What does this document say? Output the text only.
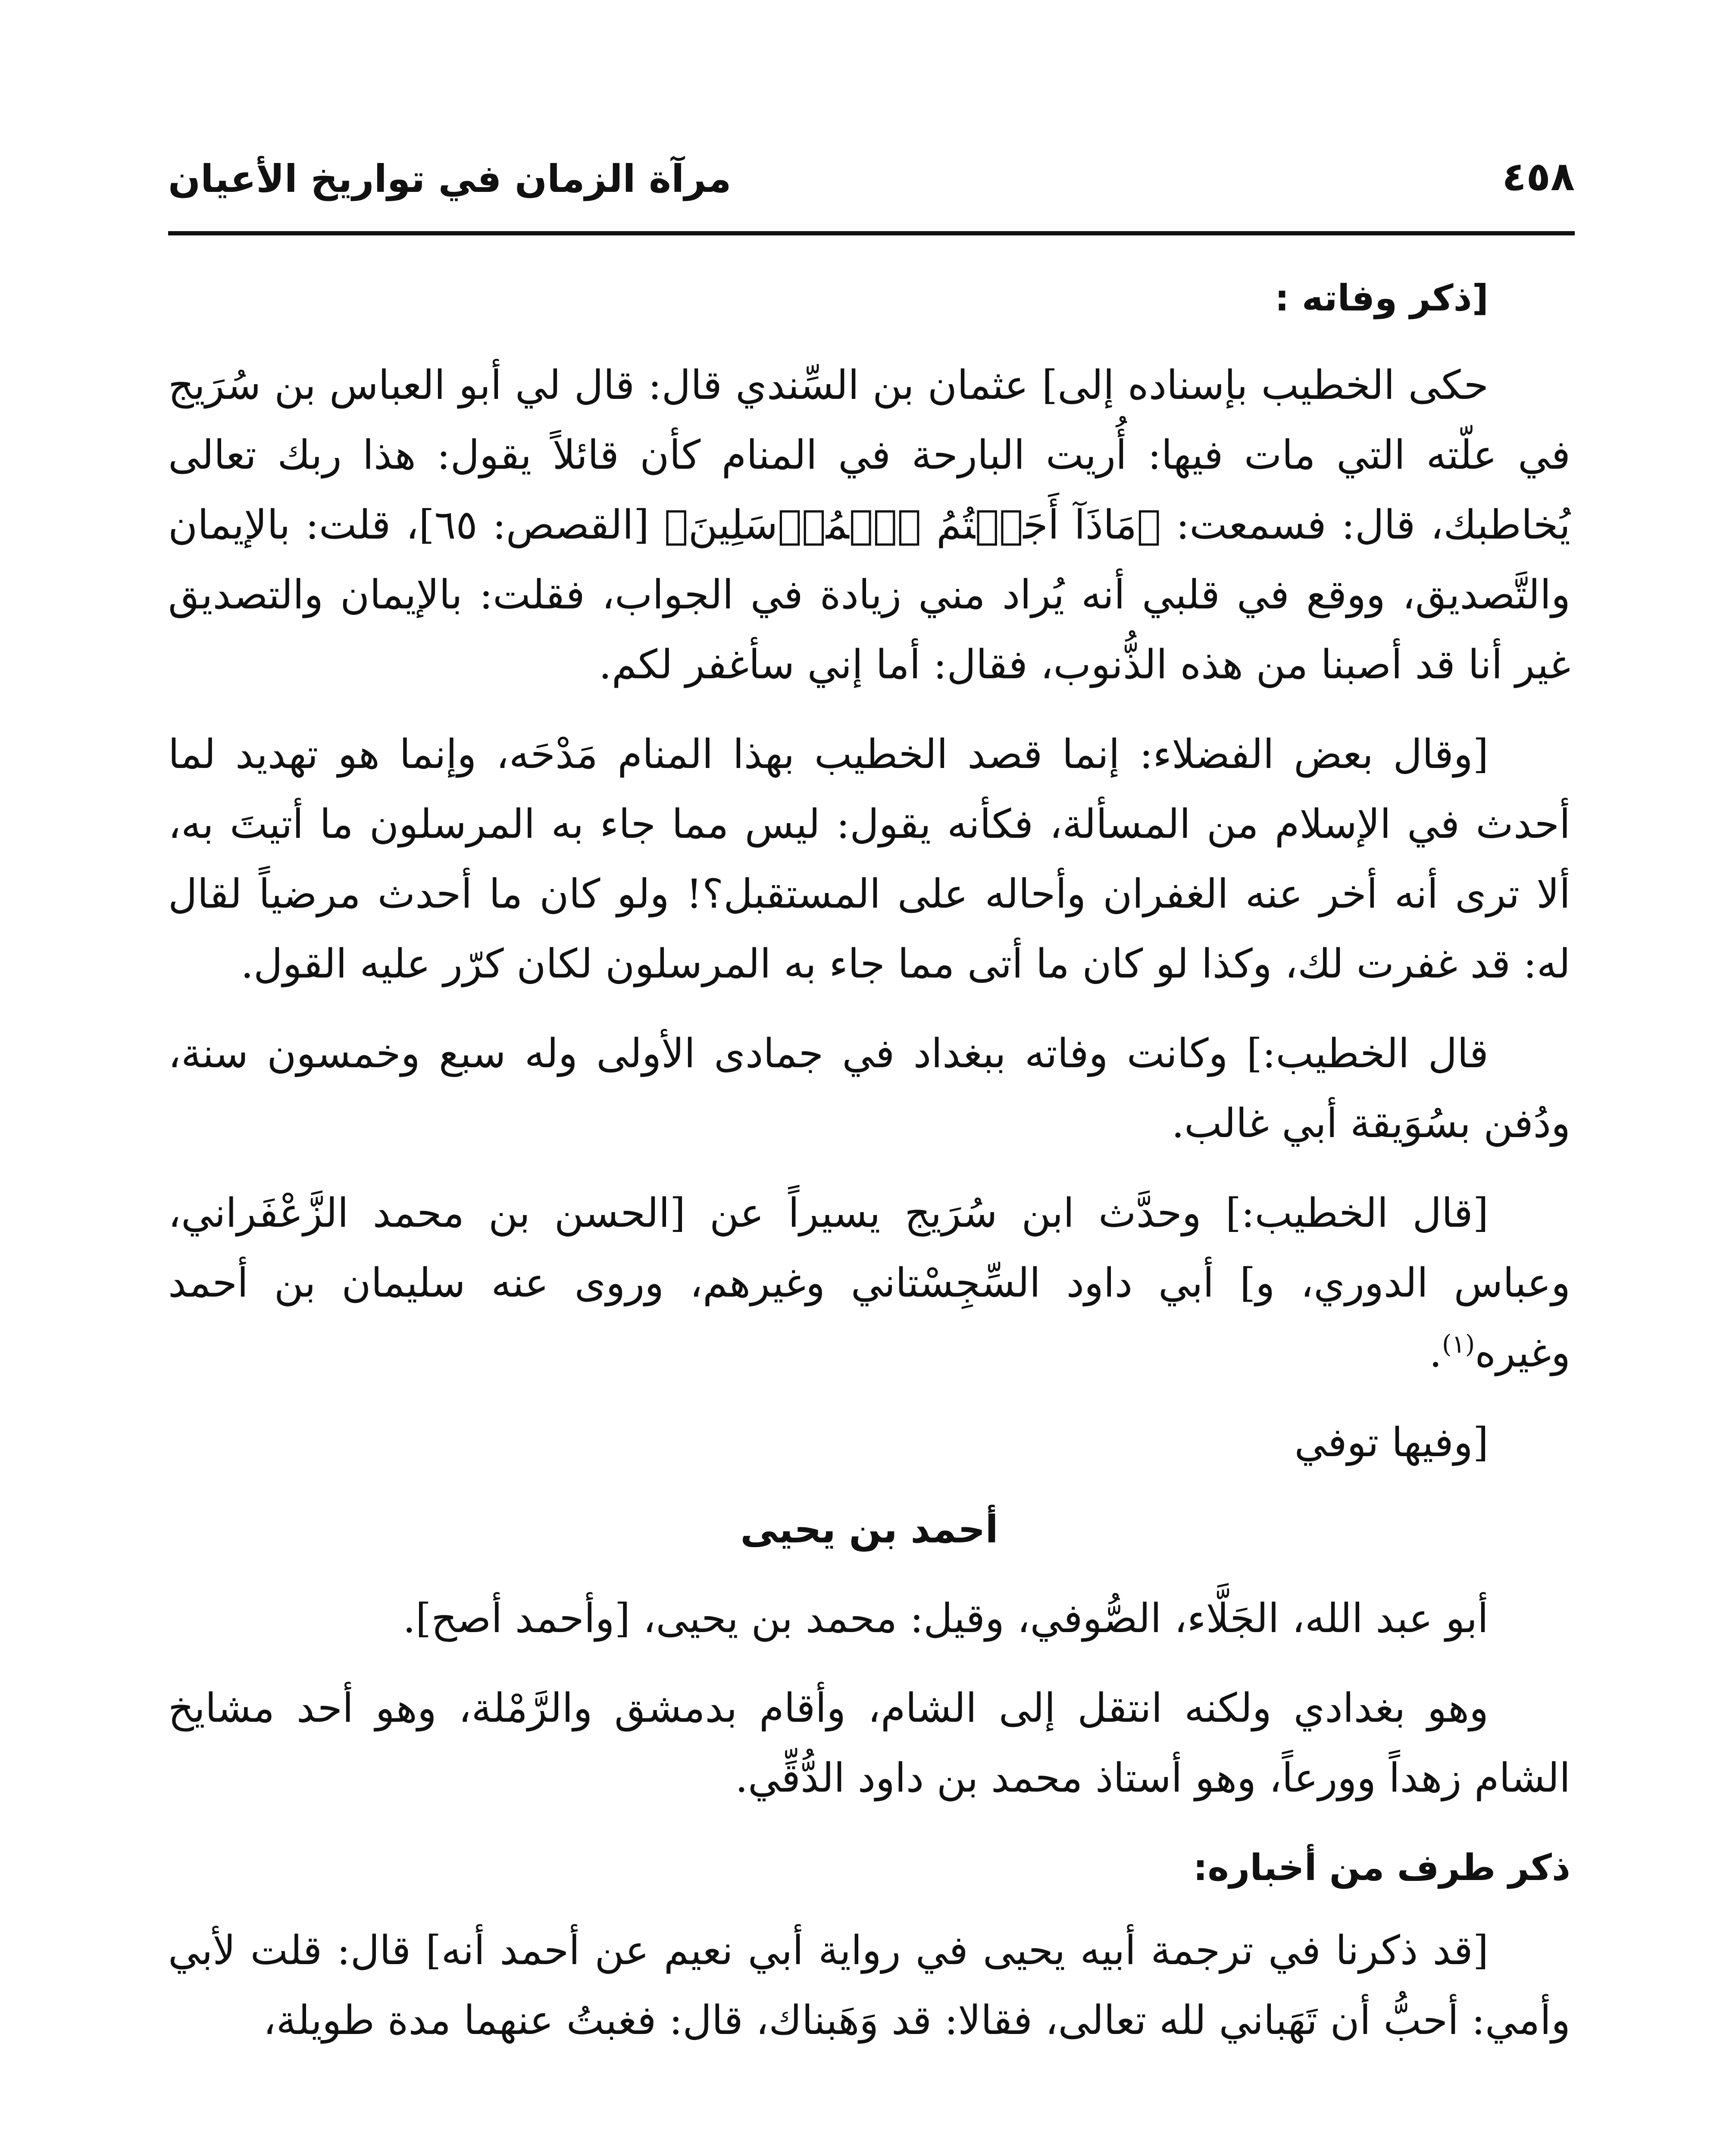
٤٥٨
مرآة الزمان في تواريخ الأعيان

[ذكر وفاته :

حكى الخطيب بإسناده إلى] عثمان بن السِّندي قال: قال لي أبو العباس بن سُرَيج في علّته التي مات فيها: أُريت البارحة في المنام كأن قائلاً يقول: هذا ربك تعالى يُخاطبك، قال: فسمعت: ﴿مَاذَآ أَجَبۡتُمُ ٱلۡمُرۡسَلِينَ﴾ [القصص: ٦٥]، قلت: بالإيمان والتَّصديق، ووقع في قلبي أنه يُراد مني زيادة في الجواب، فقلت: بالإيمان والتصديق غير أنا قد أصبنا من هذه الذُّنوب، فقال: أما إني سأغفر لكم.

[وقال بعض الفضلاء: إنما قصد الخطيب بهذا المنام مَدْحَه، وإنما هو تهديد لما أحدث في الإسلام من المسألة، فكأنه يقول: ليس مما جاء به المرسلون ما أتيتَ به، ألا ترى أنه أخر عنه الغفران وأحاله على المستقبل؟! ولو كان ما أحدث مرضياً لقال له: قد غفرت لك، وكذا لو كان ما أتى مما جاء به المرسلون لكان كرّر عليه القول.

قال الخطيب:] وكانت وفاته ببغداد في جمادى الأولى وله سبع وخمسون سنة، ودُفن بسُوَيقة أبي غالب.

[قال الخطيب:] وحدَّث ابن سُرَيج يسيراً عن [الحسن بن محمد الزَّعْفَراني، وعباس الدوري، و] أبي داود السِّجِسْتاني وغيرهم، وروى عنه سليمان بن أحمد وغيره$^{(١)}$.

[وفيها توفي

أحمد بن يحيى

أبو عبد الله، الجَلَّاء، الصُّوفي، وقيل: محمد بن يحيى، [وأحمد أصح].

وهو بغدادي ولكنه انتقل إلى الشام، وأقام بدمشق والرَّمْلة، وهو أحد مشايخ الشام زهداً وورعاً، وهو أستاذ محمد بن داود الدُّقِّي.

ذكر طرف من أخباره:

[قد ذكرنا في ترجمة أبيه يحيى في رواية أبي نعيم عن أحمد أنه] قال: قلت لأبي وأمي: أحبُّ أن تَهَباني لله تعالى، فقالا: قد وَهَبناك، قال: فغبتُ عنهما مدة طويلة،
